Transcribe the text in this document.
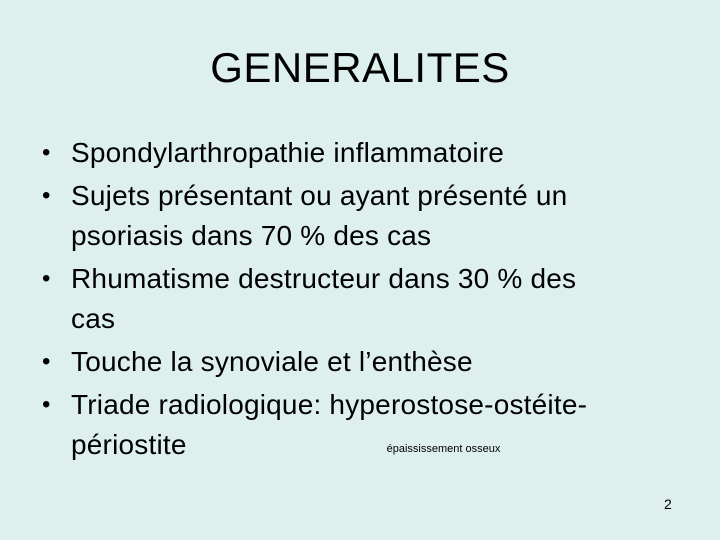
GENERALITES
• Spondylarthropathie inflammatoire
• Sujets présentant ou ayant présenté un
psoriasis dans 70 % des cas
• Rhumatisme destructeur dans 30 % des
cas
• Touche la synoviale et l’enthèse
• Triade radiologique: hyperostose-ostéite-
périostite	épaississement osseux
2
